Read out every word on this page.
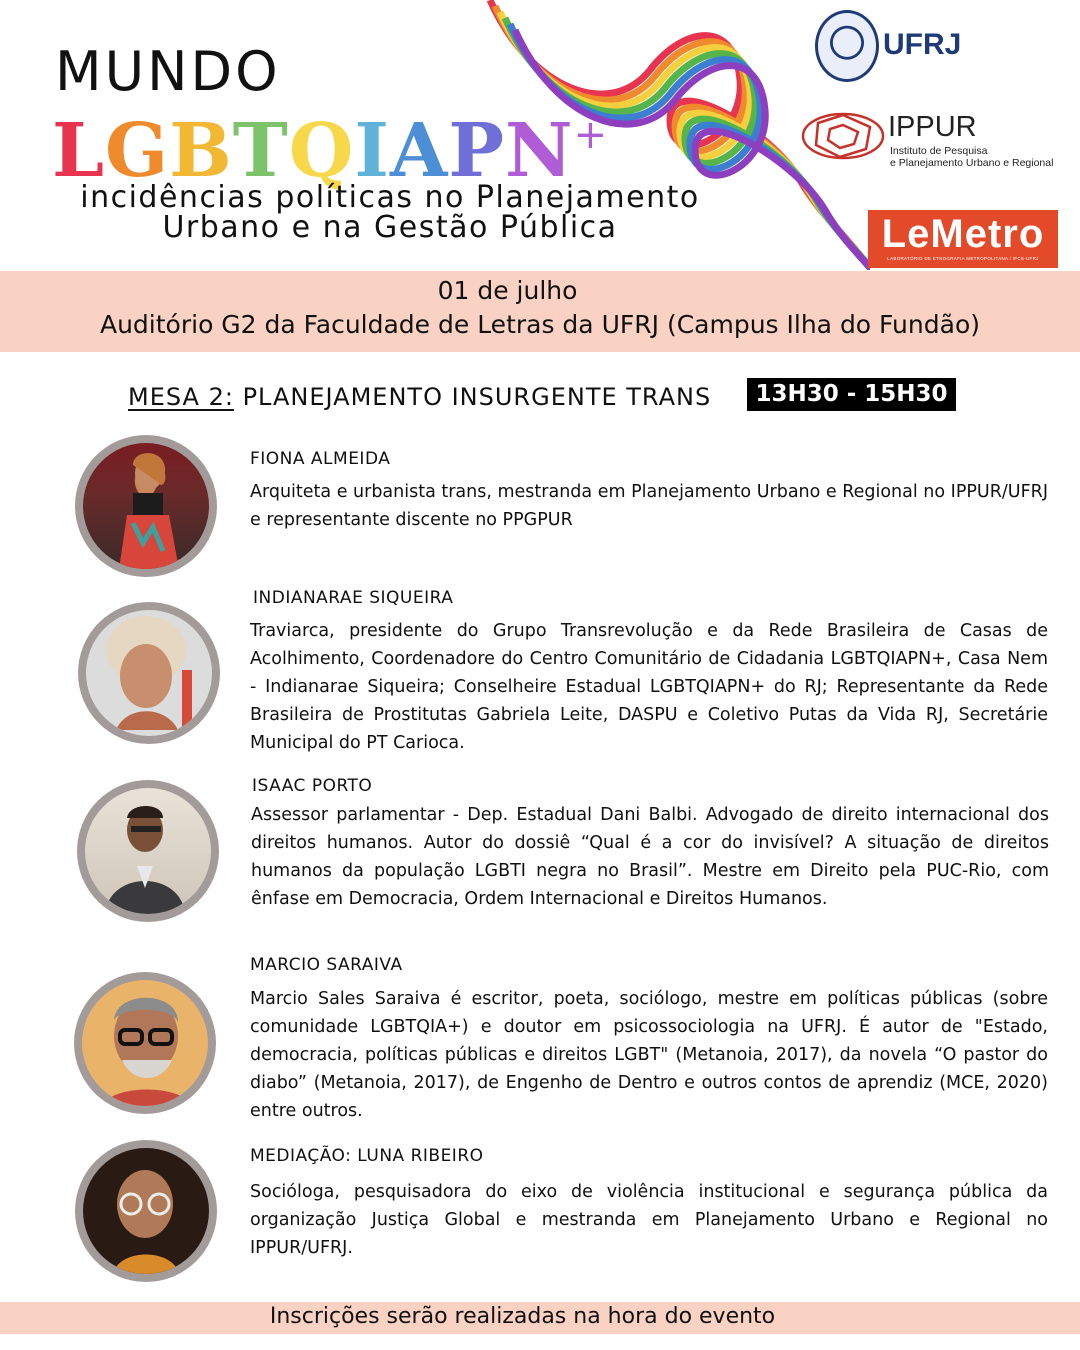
MUNDO
LGBTQIAPN+
incidências políticas no Planejamento
Urbano e na Gestão Pública
UFRJ
IPPUR
Instituto de Pesquisa
e Planejamento Urbano e Regional
LeMetro
LABORATÓRIO DE ETNOGRAFIA METROPOLITANA / IFCS-UFRJ
01 de julho
Auditório G2 da Faculdade de Letras da UFRJ (Campus Ilha do Fundão)
MESA 2: PLANEJAMENTO INSURGENTE TRANS	13H30 - 15H30
FIONA ALMEIDA
Arquiteta e urbanista trans, mestranda em Planejamento Urbano e Regional no IPPUR/UFRJ e representante discente no PPGPUR
INDIANARAE SIQUEIRA
Traviarca, presidente do Grupo Transrevolução e da Rede Brasileira de Casas de Acolhimento, Coordenadore do Centro Comunitário de Cidadania LGBTQIAPN+, Casa Nem - Indianarae Siqueira; Conselheire Estadual LGBTQIAPN+ do RJ; Representante da Rede Brasileira de Prostitutas Gabriela Leite, DASPU e Coletivo Putas da Vida RJ, Secretárie Municipal do PT Carioca.
ISAAC PORTO
Assessor parlamentar - Dep. Estadual Dani Balbi. Advogado de direito internacional dos direitos humanos. Autor do dossiê “Qual é a cor do invisível? A situação de direitos humanos da população LGBTI negra no Brasil”. Mestre em Direito pela PUC-Rio, com ênfase em Democracia, Ordem Internacional e Direitos Humanos.
MARCIO SARAIVA
Marcio Sales Saraiva é escritor, poeta, sociólogo, mestre em políticas públicas (sobre comunidade LGBTQIA+) e doutor em psicossociologia na UFRJ. É autor de "Estado, democracia, políticas públicas e direitos LGBT" (Metanoia, 2017), da novela “O pastor do diabo” (Metanoia, 2017), de Engenho de Dentro e outros contos de aprendiz (MCE, 2020) entre outros.
MEDIAÇÃO: LUNA RIBEIRO
Socióloga, pesquisadora do eixo de violência institucional e segurança pública da organização Justiça Global e mestranda em Planejamento Urbano e Regional no IPPUR/UFRJ.
Inscrições serão realizadas na hora do evento
